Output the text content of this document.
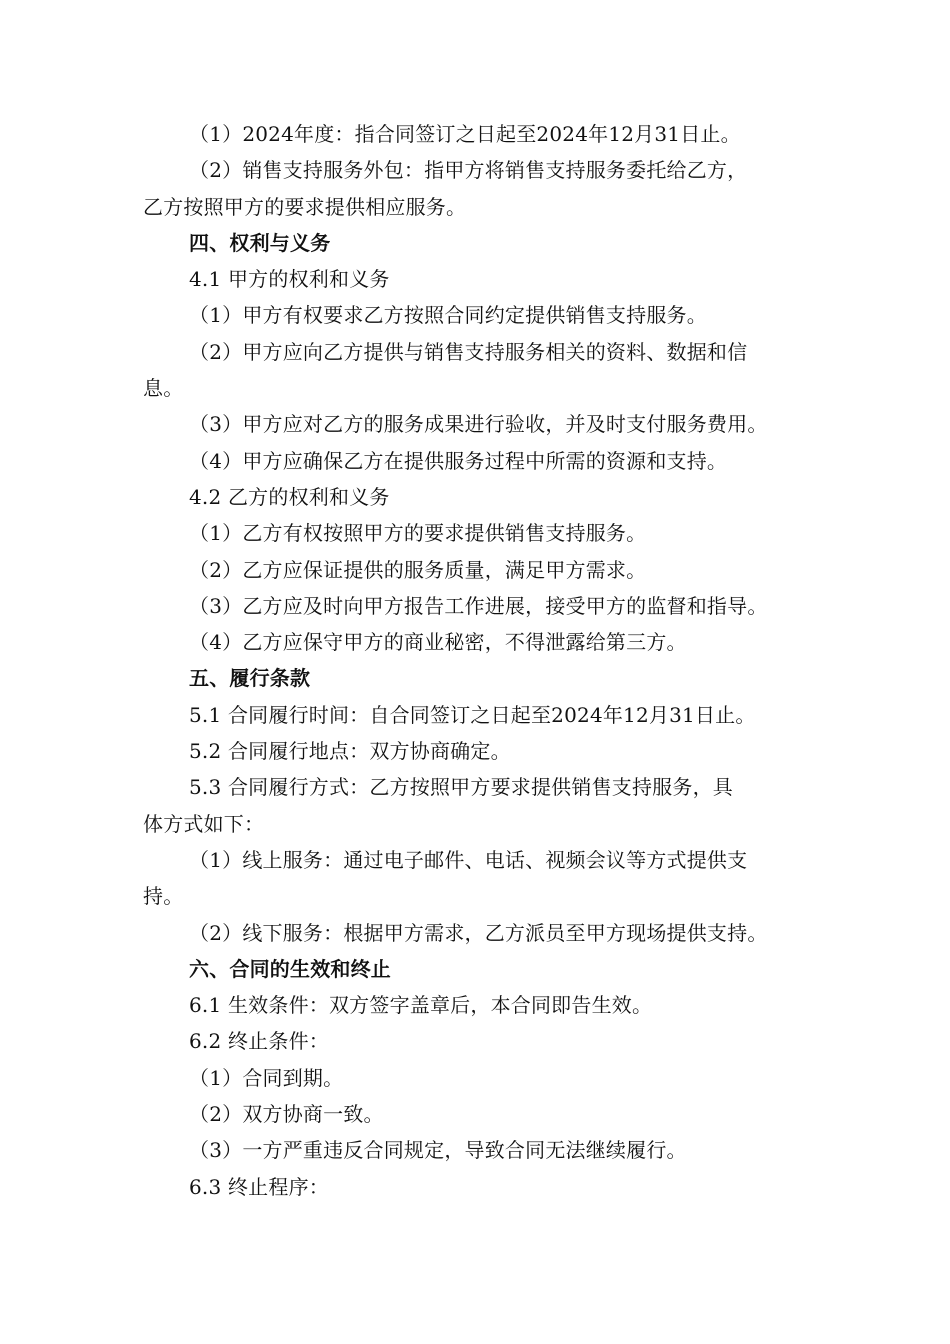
（1）2024年度：指合同签订之日起至2024年12月31日止。
（2）销售支持服务外包：指甲方将销售支持服务委托给乙方，
乙方按照甲方的要求提供相应服务。
四、权利与义务
4.1 甲方的权利和义务
（1）甲方有权要求乙方按照合同约定提供销售支持服务。
（2）甲方应向乙方提供与销售支持服务相关的资料、数据和信
息。
（3）甲方应对乙方的服务成果进行验收，并及时支付服务费用。
（4）甲方应确保乙方在提供服务过程中所需的资源和支持。
4.2 乙方的权利和义务
（1）乙方有权按照甲方的要求提供销售支持服务。
（2）乙方应保证提供的服务质量，满足甲方需求。
（3）乙方应及时向甲方报告工作进展，接受甲方的监督和指导。
（4）乙方应保守甲方的商业秘密，不得泄露给第三方。
五、履行条款
5.1 合同履行时间：自合同签订之日起至2024年12月31日止。
5.2 合同履行地点：双方协商确定。
5.3 合同履行方式：乙方按照甲方要求提供销售支持服务，具
体方式如下：
（1）线上服务：通过电子邮件、电话、视频会议等方式提供支
持。
（2）线下服务：根据甲方需求，乙方派员至甲方现场提供支持。
六、合同的生效和终止
6.1 生效条件：双方签字盖章后，本合同即告生效。
6.2 终止条件：
（1）合同到期。
（2）双方协商一致。
（3）一方严重违反合同规定，导致合同无法继续履行。
6.3 终止程序：
